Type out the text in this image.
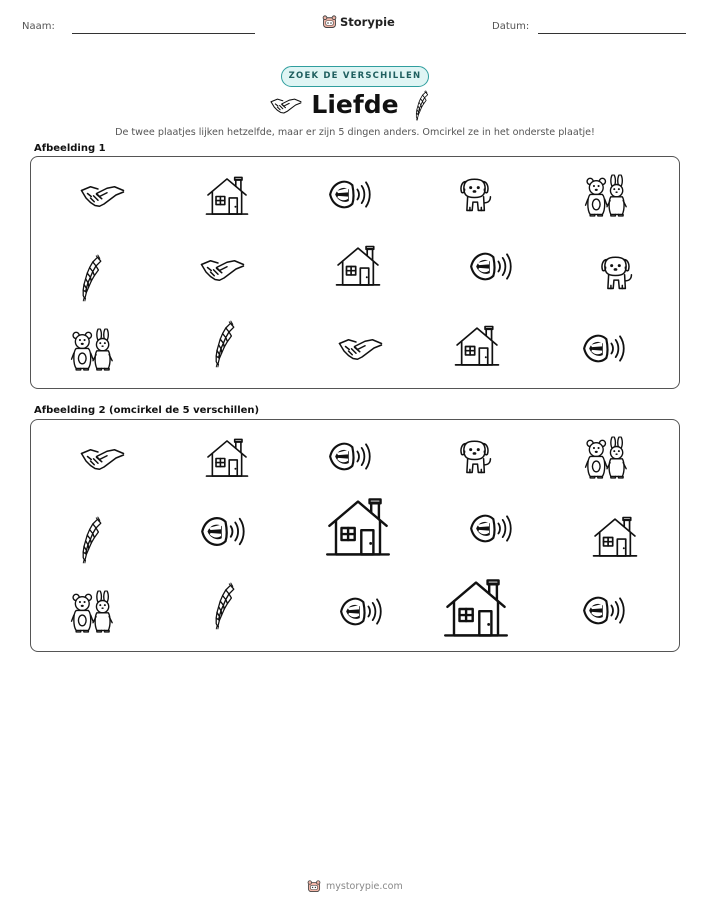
Naam:	Storypie	Datum:
ZOEK DE VERSCHILLEN
Liefde
De twee plaatjes lijken hetzelfde, maar er zijn 5 dingen anders. Omcirkel ze in het onderste plaatje!
Afbeelding 1
Afbeelding 2 (omcirkel de 5 verschillen)
mystorypie.com
